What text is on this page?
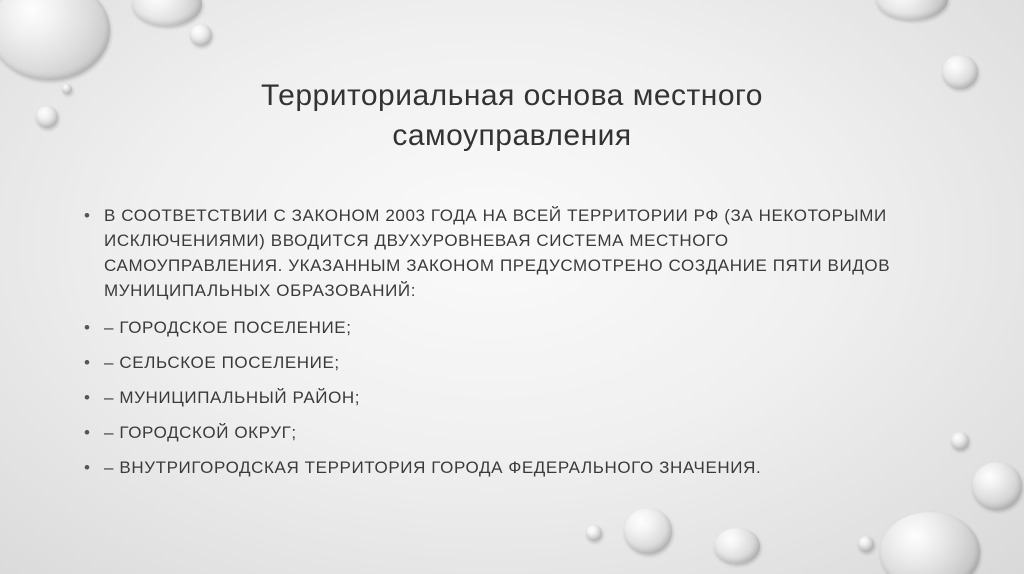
Территориальная основа местного самоуправления
• В СООТВЕТСТВИИ С ЗАКОНОМ 2003 ГОДА НА ВСЕЙ ТЕРРИТОРИИ РФ (ЗА НЕКОТОРЫМИ ИСКЛЮЧЕНИЯМИ) ВВОДИТСЯ ДВУХУРОВНЕВАЯ СИСТЕМА МЕСТНОГО САМОУПРАВЛЕНИЯ. УКАЗАННЫМ ЗАКОНОМ ПРЕДУСМОТРЕНО СОЗДАНИЕ ПЯТИ ВИДОВ МУНИЦИПАЛЬНЫХ ОБРАЗОВАНИЙ:
• – ГОРОДСКОЕ ПОСЕЛЕНИЕ;
• – СЕЛЬСКОЕ ПОСЕЛЕНИЕ;
• – МУНИЦИПАЛЬНЫЙ РАЙОН;
• – ГОРОДСКОЙ ОКРУГ;
• – ВНУТРИГОРОДСКАЯ ТЕРРИТОРИЯ ГОРОДА ФЕДЕРАЛЬНОГО ЗНАЧЕНИЯ.
